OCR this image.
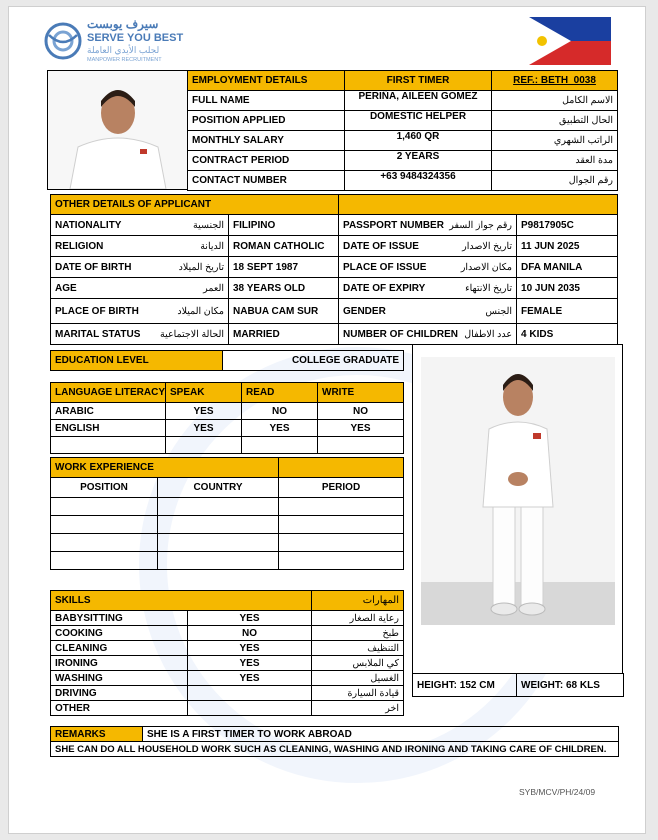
سيرف يوبست
SERVE YOU BEST
لجلب الأيدي العاملة
MANPOWER RECRUITMENT
EMPLOYMENT DETAILS	FIRST TIMER	REF.: BETH_0038
FULL NAME	PERIÑA, AILEEN GOMEZ	الاسم الكامل
POSITION APPLIED	DOMESTIC HELPER	الحال التطبيق
MONTHLY SALARY	1,460 QR	الراتب الشهري
CONTRACT PERIOD	2 YEARS	مدة العقد
CONTACT NUMBER	+63 9484324356	رقم الجوال
OTHER DETAILS OF APPLICANT			

NATIONALITY الجنسية	FILIPINO	PASSPORT NUMBER رقم جواز السفر	P9817905C

RELIGION الديانة	ROMAN CATHOLIC	DATE OF ISSUE تاريخ الاصدار	11 JUN 2025

DATE OF BIRTH تاريخ الميلاد	18 SEPT 1987	PLACE OF ISSUE مكان الاصدار	DFA MANILA

AGE العمر	38 YEARS OLD	DATE OF EXPIRY تاريخ الانتهاء	10 JUN 2035

PLACE OF BIRTH مكان الميلاد	NABUA CAM SUR	GENDER الجنس	FEMALE

MARITAL STATUS الحالة الاجتماعية	MARRIED	NUMBER OF CHILDREN عدد الاطفال	4 KIDS
EDUCATION LEVEL	COLLEGE GRADUATE
LANGUAGE LITERACY	SPEAK	READ	WRITE
ARABIC	YES	NO	NO
ENGLISH	YES	YES	YES

WORK EXPERIENCE		
POSITION	COUNTRY	PERIOD

SKILLS		المهارات
BABYSITTING	YES	رعاية الصغار
COOKING	NO	طبخ
CLEANING	YES	التنظيف
IRONING	YES	كي الملابس
WASHING	YES	الغسيل
DRIVING		قيادة السيارة
OTHER		اخر
HEIGHT: 152 CM	WEIGHT: 68 KLS
REMARKS	SHE IS A FIRST TIMER TO WORK ABROAD
SHE CAN DO ALL HOUSEHOLD WORK SUCH AS CLEANING, WASHING AND IRONING AND TAKING CARE OF CHILDREN.
SYB/MCV/PH/24/09
